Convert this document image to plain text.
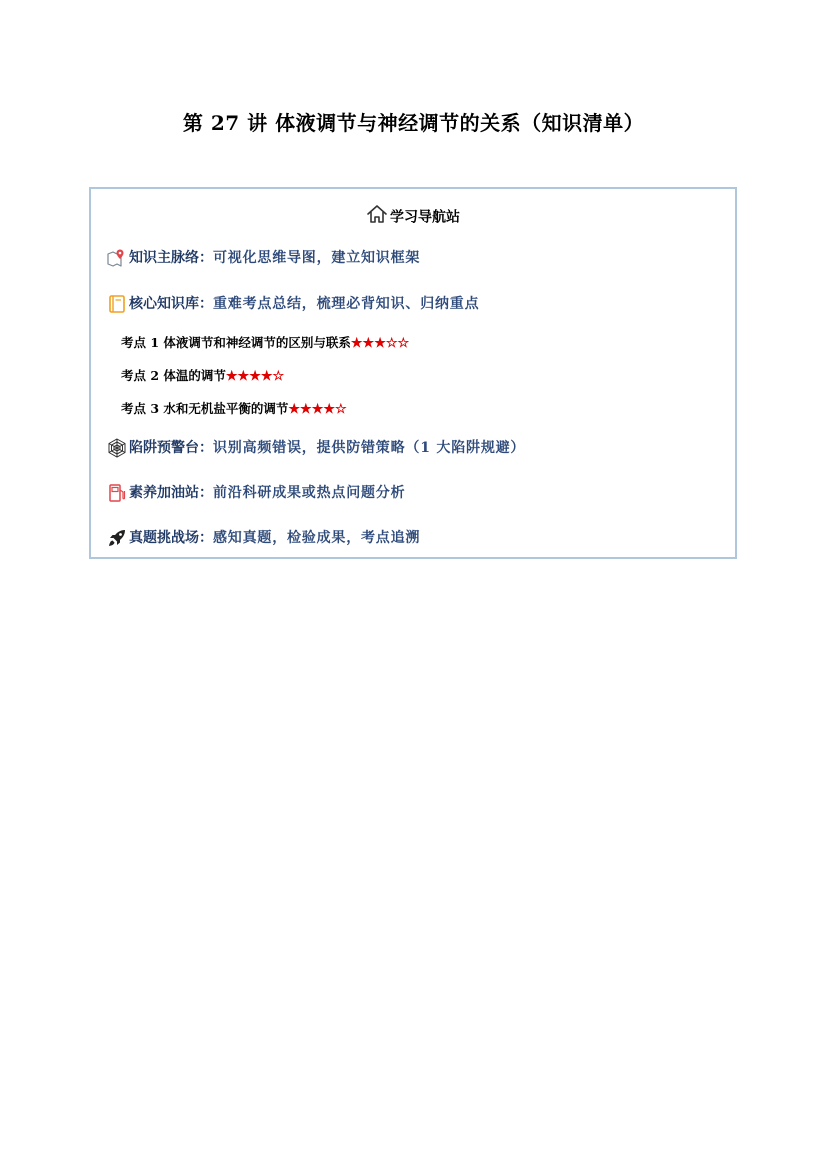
第 27 讲 体液调节与神经调节的关系（知识清单）
学习导航站
知识主脉络：可视化思维导图，建立知识框架
核心知识库：重难考点总结，梳理必背知识、归纳重点
考点 1 体液调节和神经调节的区别与联系★★★☆☆
考点 2 体温的调节★★★★☆
考点 3 水和无机盐平衡的调节★★★★☆
陷阱预警台：识别高频错误，提供防错策略（1 大陷阱规避）
素养加油站：前沿科研成果或热点问题分析
真题挑战场：感知真题，检验成果，考点追溯
